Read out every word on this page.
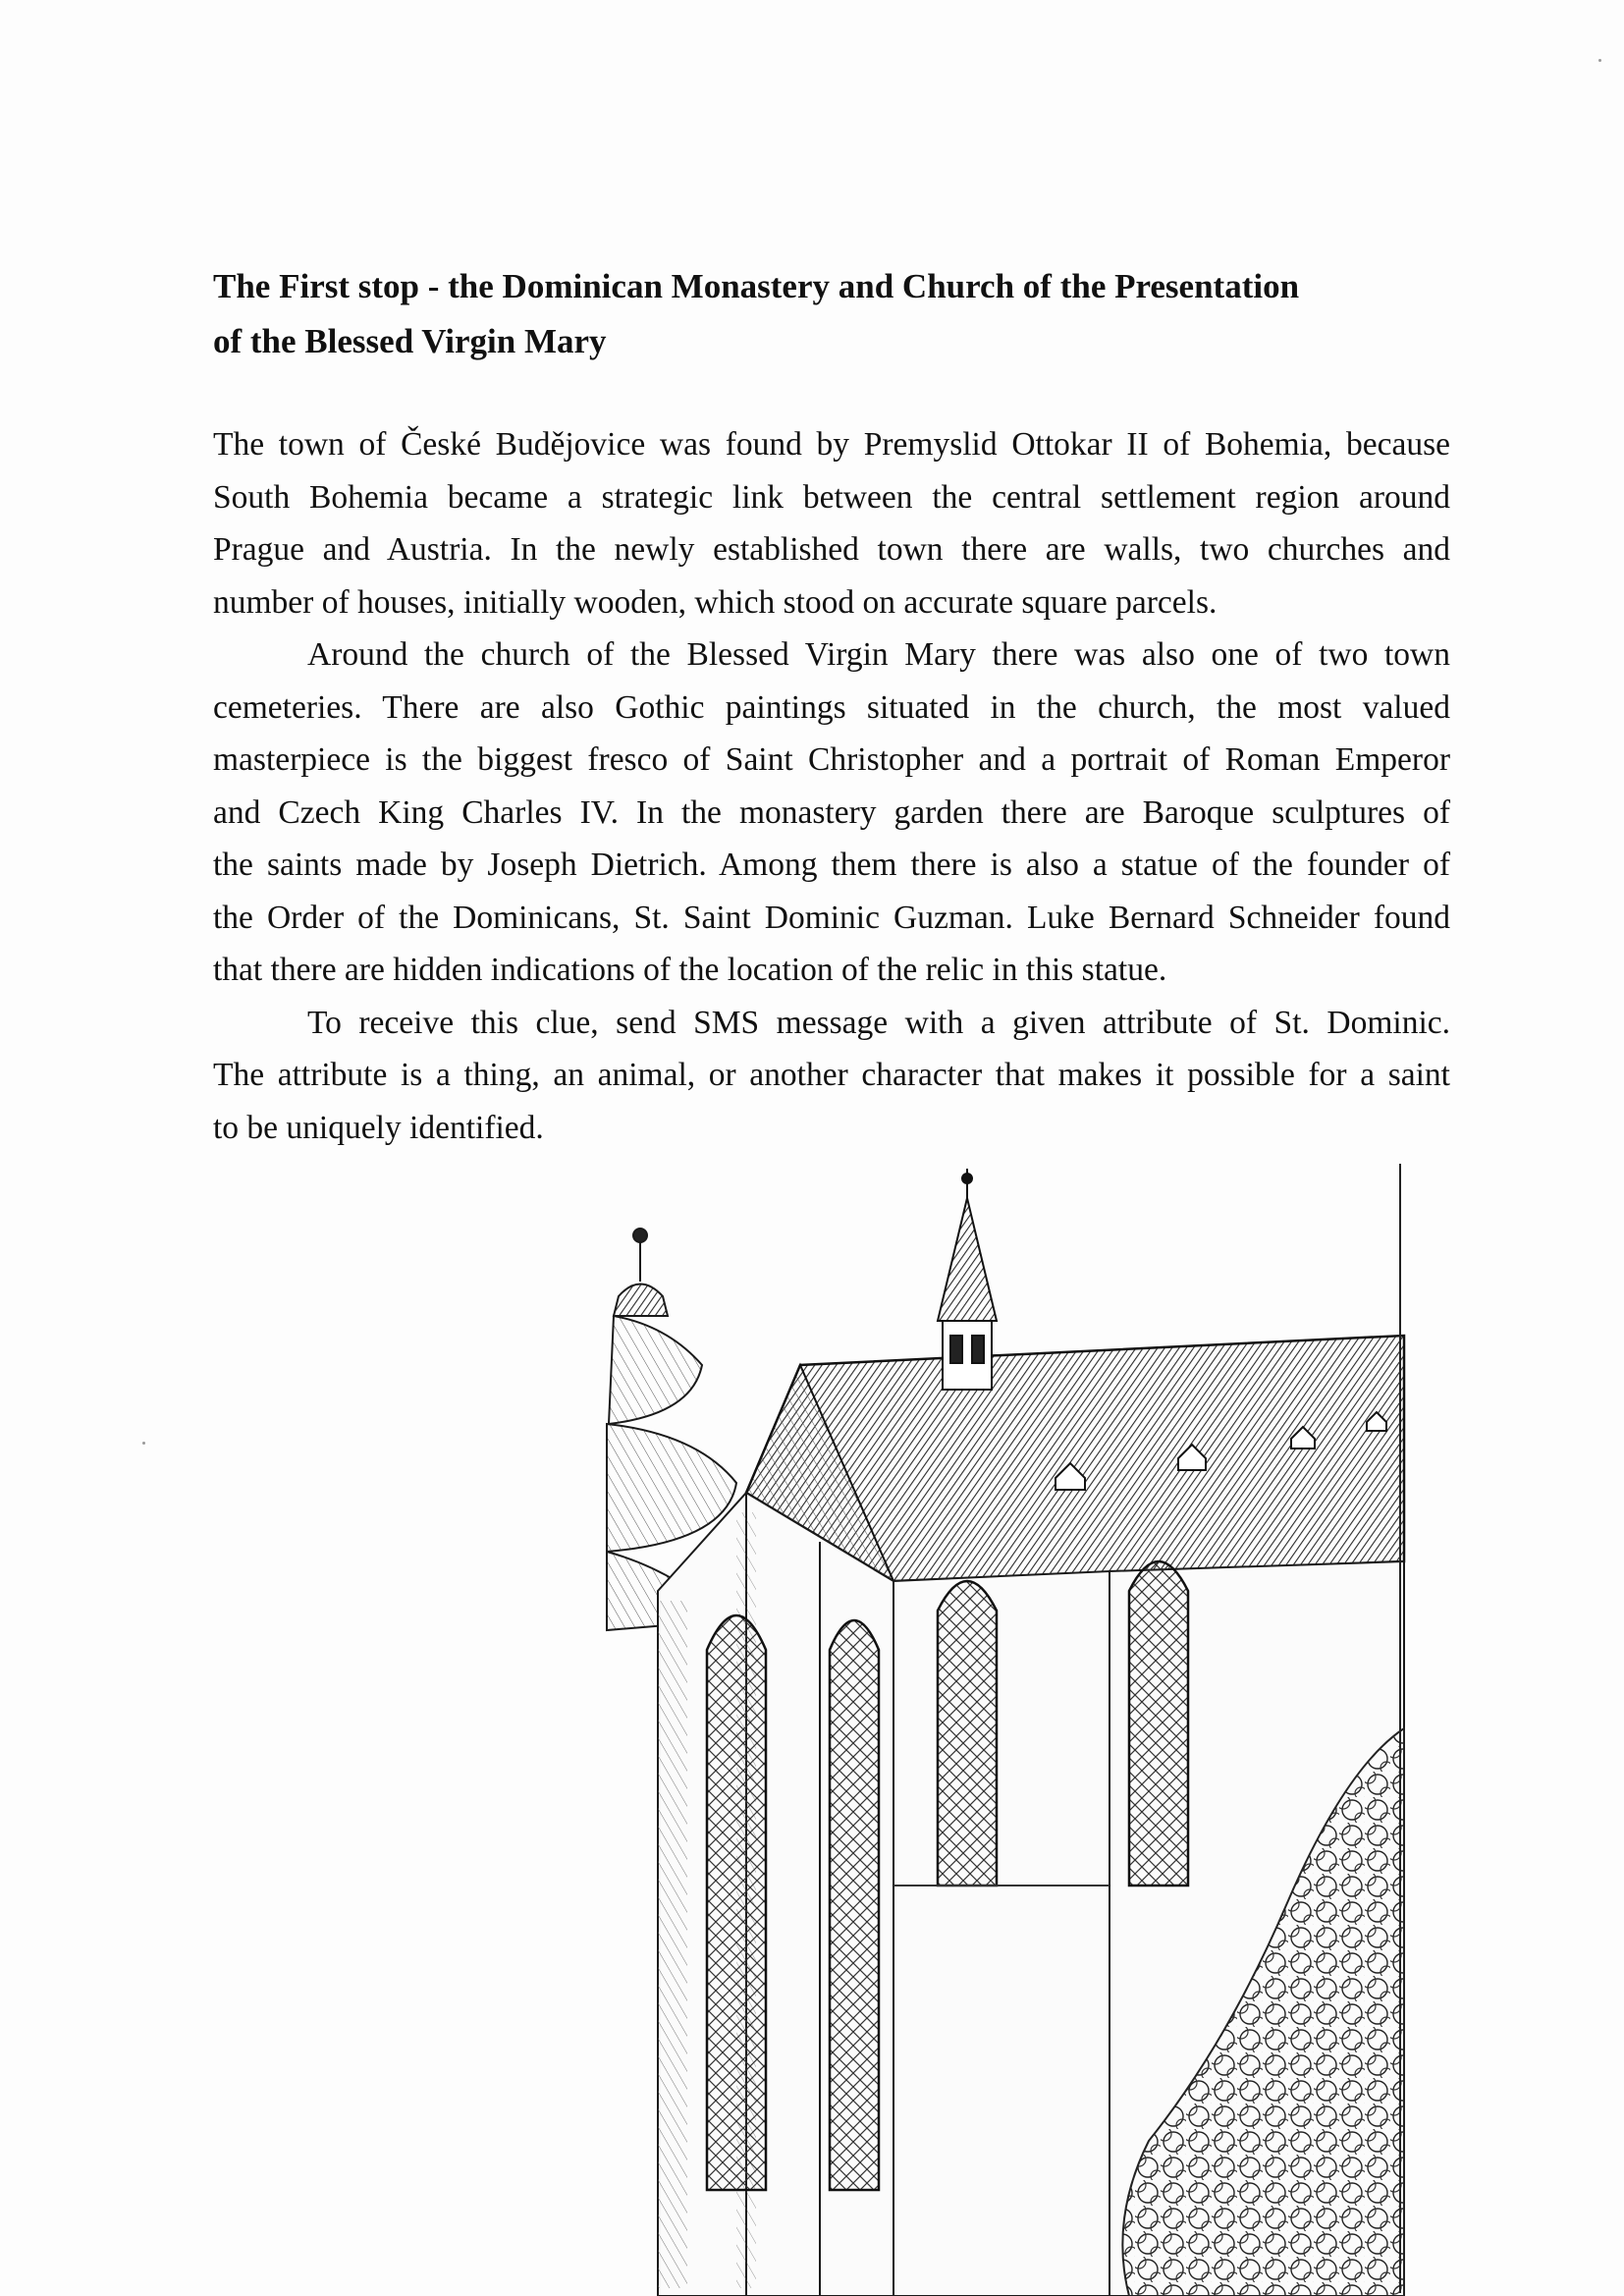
The First stop - the Dominican Monastery and Church of the Presentation
of the Blessed Virgin Mary

The town of České Budějovice was found by Premyslid Ottokar II of Bohemia, because
South Bohemia became a strategic link between the central settlement region around
Prague and Austria. In the newly established town there are walls, two churches and
number of houses, initially wooden, which stood on accurate square parcels.

Around the church of the Blessed Virgin Mary there was also one of two town
cemeteries. There are also Gothic paintings situated in the church, the most valued
masterpiece is the biggest fresco of Saint Christopher and a portrait of Roman Emperor
and Czech King Charles IV. In the monastery garden there are Baroque sculptures of
the saints made by Joseph Dietrich. Among them there is also a statue of the founder of
the Order of the Dominicans, St. Saint Dominic Guzman. Luke Bernard Schneider found
that there are hidden indications of the location of the relic in this statue.

To receive this clue, send SMS message with a given attribute of St. Dominic.
The attribute is a thing, an animal, or another character that makes it possible for a saint
to be uniquely identified.
